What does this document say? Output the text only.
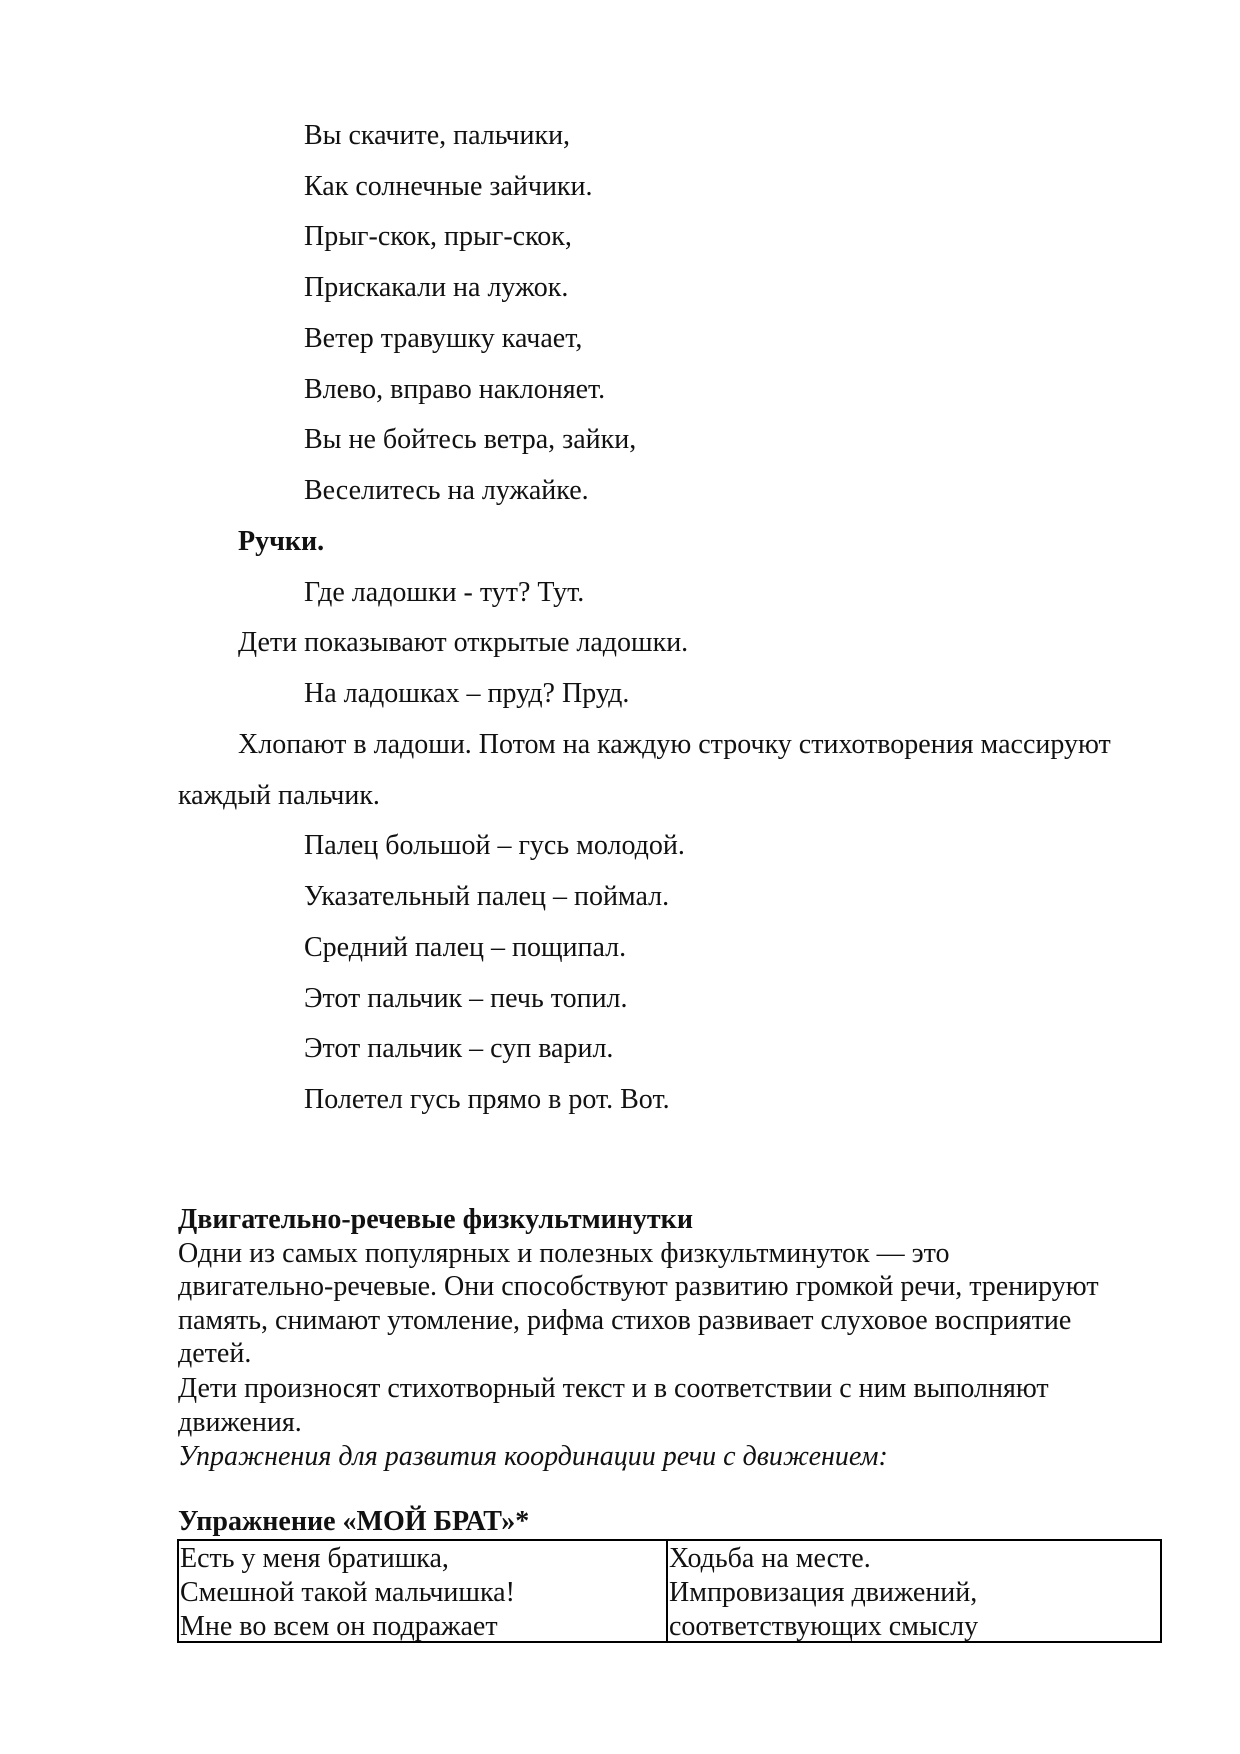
Вы скачите, пальчики,
Как солнечные зайчики.
Прыг-скок, прыг-скок,
Прискакали на лужок.
Ветер травушку качает,
Влево, вправо наклоняет.
Вы не бойтесь ветра, зайки,
Веселитесь на лужайке.
Ручки.
Где ладошки - тут? Тут.
Дети показывают открытые ладошки.
На ладошках – пруд? Пруд.
Хлопают в ладоши. Потом на каждую строчку стихотворения массируют
каждый пальчик.
Палец большой – гусь молодой.
Указательный палец – поймал.
Средний палец – пощипал.
Этот пальчик – печь топил.
Этот пальчик – суп варил.
Полетел гусь прямо в рот. Вот.
Двигательно-речевые физкультминутки
Одни из самых популярных и полезных физкультминуток — это
двигательно-речевые. Они способствуют развитию громкой речи, тренируют
память, снимают утомление, рифма стихов развивает слуховое восприятие
детей.
Дети произносят стихотворный текст и в соответствии с ним выполняют
движения.
Упражнения для развития координации речи с движением:
Упражнение «МОЙ БРАТ»*
Есть у меня братишка,
Смешной такой мальчишка!
Мне во всем он подражает
Ходьба на месте.
Импровизация движений,
соответствующих смыслу
